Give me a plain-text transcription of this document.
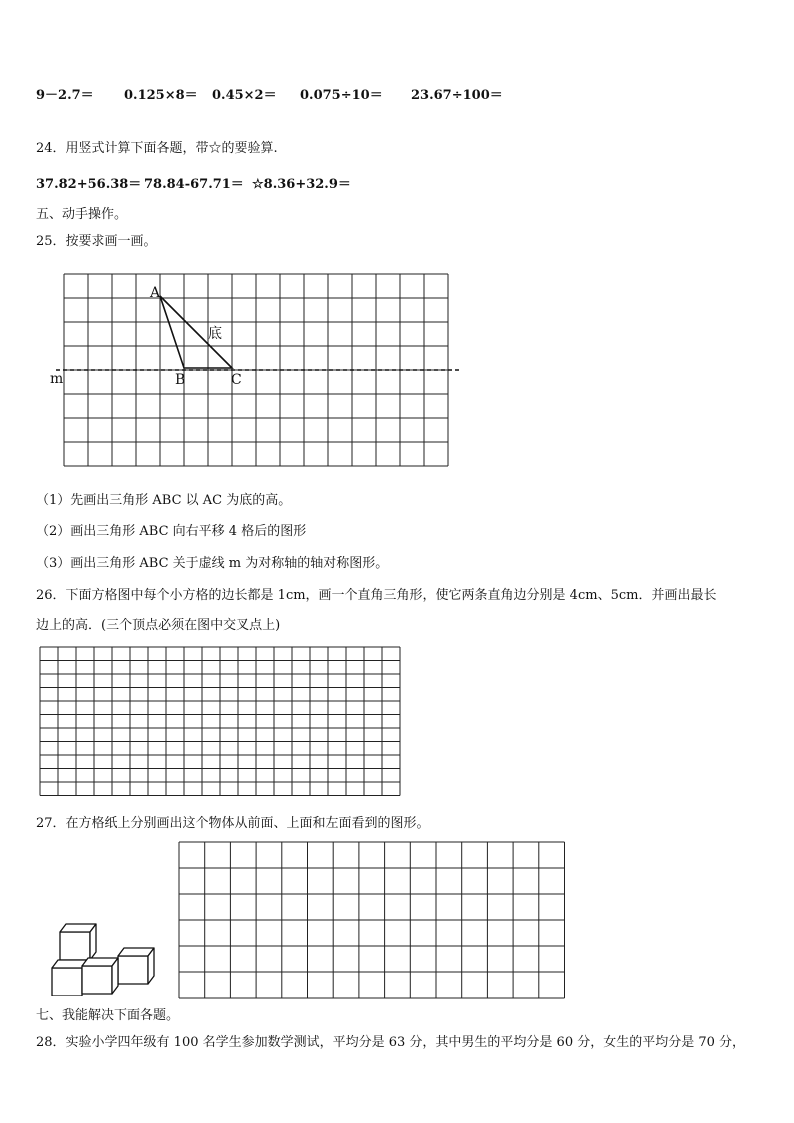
9－2.7＝ 0.125×8＝ 0.45×2＝ 0.075÷10＝ 23.67÷100＝
24．用竖式计算下面各题，带☆的要验算.
37.82+56.38＝ 78.84-67.71＝ ☆8.36+32.9＝
五、动手操作。
25．按要求画一画。
m
A
B	C
底
（1）先画出三角形 ABC 以 AC 为底的高。
（2）画出三角形 ABC 向右平移 4 格后的图形
（3）画出三角形 ABC 关于虚线 m 为对称轴的轴对称图形。
26．下面方格图中每个小方格的边长都是 1cm，画一个直角三角形，使它两条直角边分别是 4cm、5cm．并画出最长
边上的高．(三个顶点必须在图中交叉点上)
27．在方格纸上分别画出这个物体从前面、上面和左面看到的图形。
七、我能解决下面各题。
28．实验小学四年级有 100 名学生参加数学测试，平均分是 63 分，其中男生的平均分是 60 分，女生的平均分是 70 分，
